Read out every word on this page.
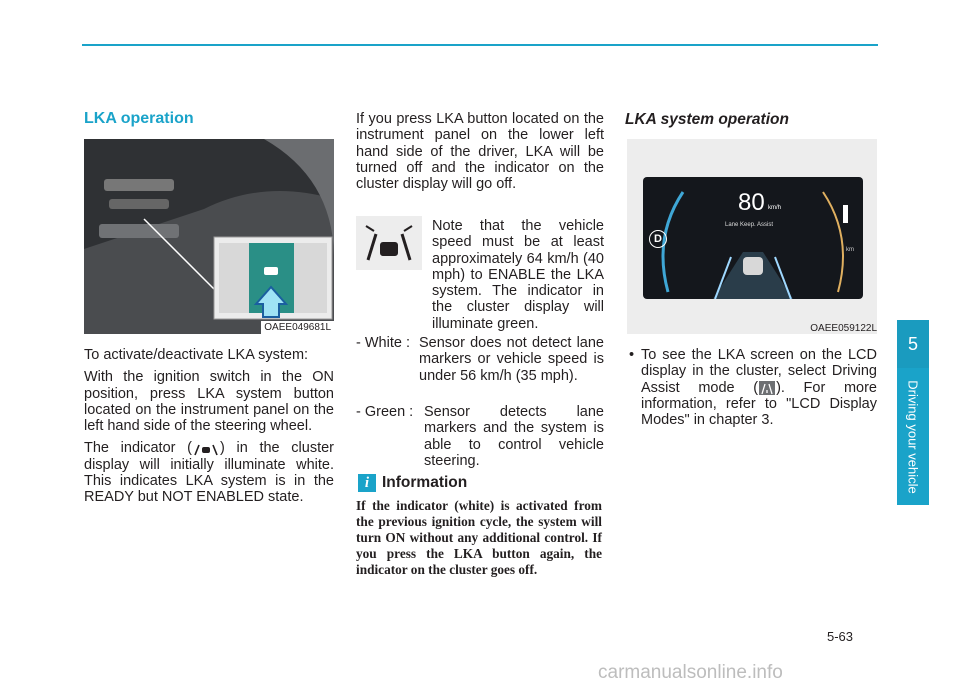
LKA operation
OAEE049681L

To activate/deactivate LKA system:

With the ignition switch in the ON position, press LKA system button located on the instrument panel on the left hand side of the steering wheel.

The indicator ( ) in the cluster display will initially illuminate white. This indicates LKA system is in the READY but NOT ENABLED state.

If you press LKA button located on the instrument panel on the lower left hand side of the driver, LKA will be turned off and the indicator on the cluster display will go off.
Note that the vehicle speed must be at least approximately 64 km/h (40 mph) to ENABLE the LKA system. The indicator in the cluster display will illuminate green.
- White : Sensor does not detect lane markers or vehicle speed is under 56 km/h (35 mph).
- Green : Sensor detects lane markers and the system is able to control vehicle steering.
i Information
If the indicator (white) is activated from the previous ignition cycle, the system will turn ON without any additional control. If you press the LKA button again, the indicator on the cluster goes off.
LKA system operation
80 km/h
Lane Keep. Assist
D
km
OAEE059122L
• To see the LKA screen on the LCD display in the cluster, select Driving Assist mode ( ). For more information, refer to "LCD Display Modes" in chapter 3.
5
Driving your vehicle
5-63
carmanualsonline.info
